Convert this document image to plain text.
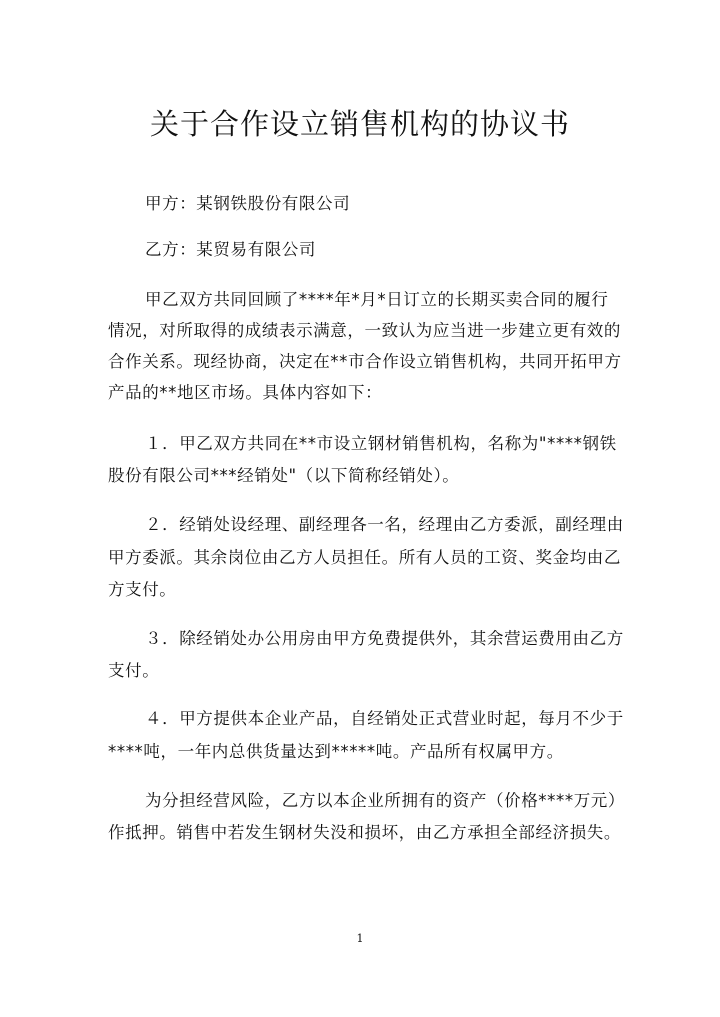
关于合作设立销售机构的协议书
甲方：某钢铁股份有限公司
乙方：某贸易有限公司
甲乙双方共同回顾了****年*月*日订立的长期买卖合同的履行
情况，对所取得的成绩表示满意，一致认为应当进一步建立更有效的
合作关系。现经协商，决定在**市合作设立销售机构，共同开拓甲方
产品的**地区市场。具体内容如下：
１．甲乙双方共同在**市设立钢材销售机构，名称为"****钢铁
股份有限公司***经销处"（以下简称经销处）。
２．经销处设经理、副经理各一名，经理由乙方委派，副经理由
甲方委派。其余岗位由乙方人员担任。所有人员的工资、奖金均由乙
方支付。
３．除经销处办公用房由甲方免费提供外，其余营运费用由乙方
支付。
４．甲方提供本企业产品，自经销处正式营业时起，每月不少于
****吨，一年内总供货量达到*****吨。产品所有权属甲方。
为分担经营风险，乙方以本企业所拥有的资产（价格****万元）
作抵押。销售中若发生钢材失没和损坏，由乙方承担全部经济损失。
1
